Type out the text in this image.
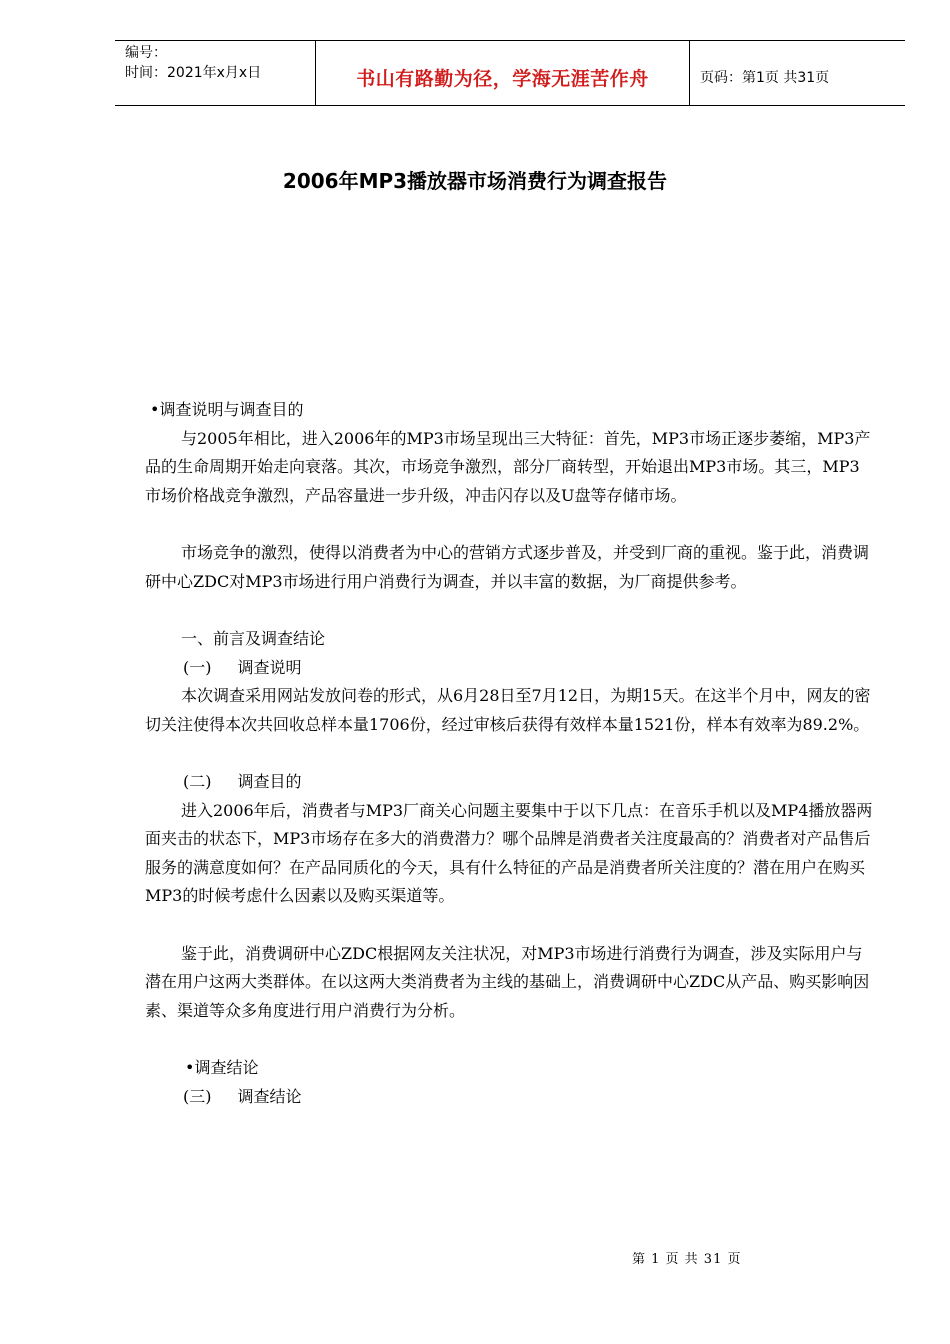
编号：
时间：2021年x月x日	书山有路勤为径，学海无涯苦作舟	页码：第1页 共31页
2006年MP3播放器市场消费行为调查报告

•调查说明与调查目的

与2005年相比，进入2006年的MP3市场呈现出三大特征：首先，MP3市场正逐步萎缩，MP3产品的生命周期开始走向衰落。其次，市场竞争激烈，部分厂商转型，开始退出MP3市场。其三，MP3市场价格战竞争激烈，产品容量进一步升级，冲击闪存以及U盘等存储市场。

市场竞争的激烈，使得以消费者为中心的营销方式逐步普及，并受到厂商的重视。鉴于此，消费调研中心ZDC对MP3市场进行用户消费行为调查，并以丰富的数据，为厂商提供参考。

一、前言及调查结论

(一) 调查说明

本次调查采用网站发放问卷的形式，从6月28日至7月12日，为期15天。在这半个月中，网友的密切关注使得本次共回收总样本量1706份，经过审核后获得有效样本量1521份，样本有效率为89.2%。

(二) 调查目的

进入2006年后，消费者与MP3厂商关心问题主要集中于以下几点：在音乐手机以及MP4播放器两面夹击的状态下，MP3市场存在多大的消费潜力？哪个品牌是消费者关注度最高的？消费者对产品售后服务的满意度如何？在产品同质化的今天，具有什么特征的产品是消费者所关注度的？潜在用户在购买MP3的时候考虑什么因素以及购买渠道等。

鉴于此，消费调研中心ZDC根据网友关注状况，对MP3市场进行消费行为调查，涉及实际用户与潜在用户这两大类群体。在以这两大类消费者为主线的基础上，消费调研中心ZDC从产品、购买影响因素、渠道等众多角度进行用户消费行为分析。

•调查结论

(三) 调查结论

第 1 页 共 31 页
